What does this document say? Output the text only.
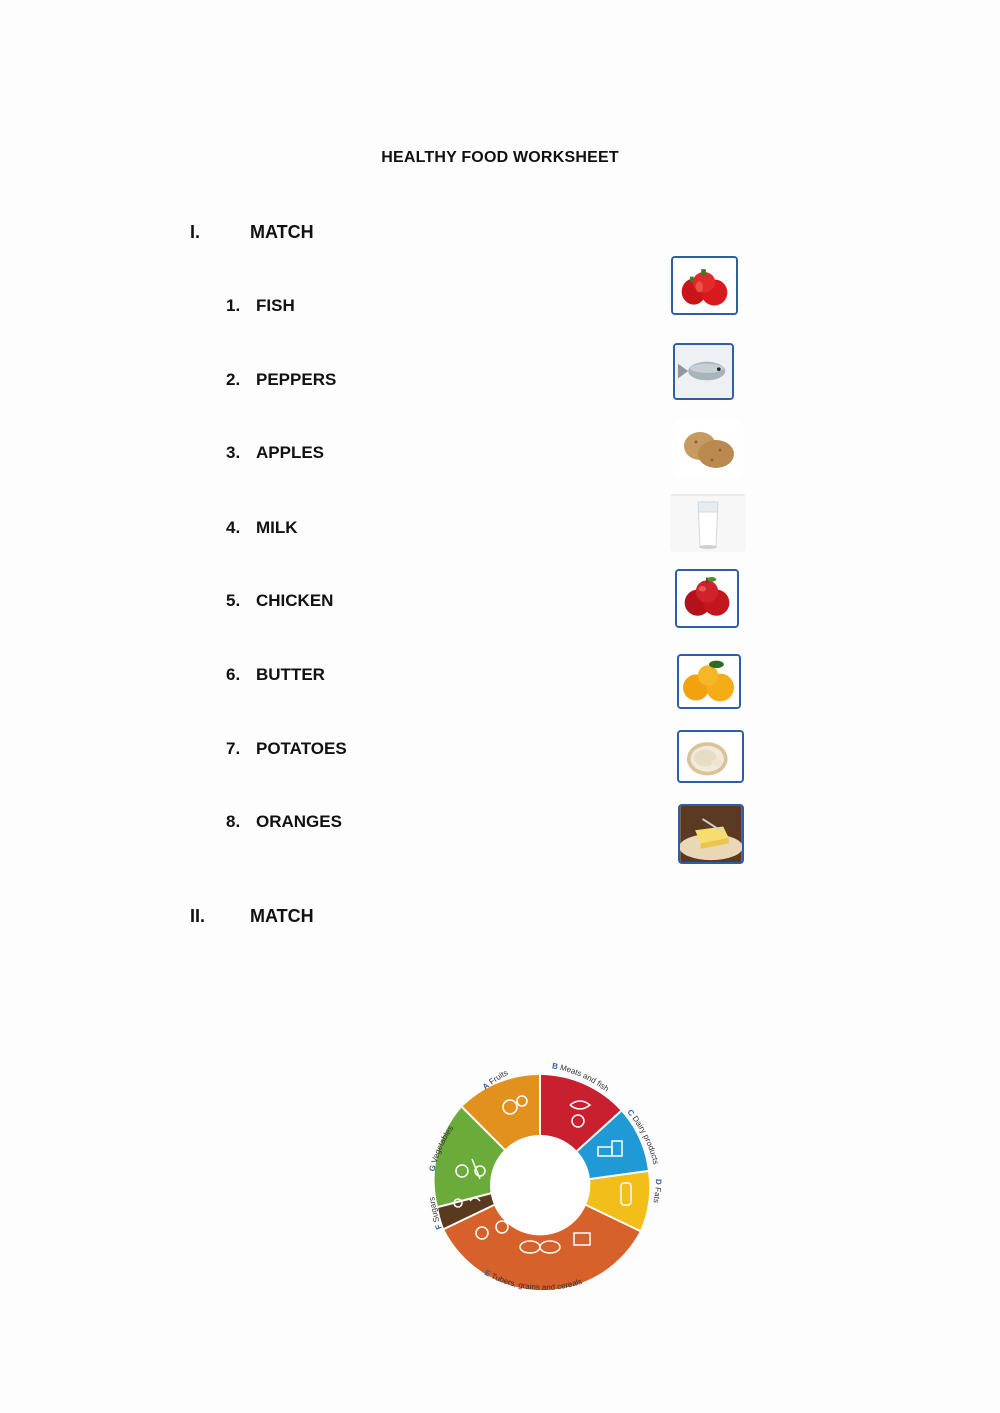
HEALTHY FOOD WORKSHEET
I.	MATCH
1. FISH
2. PEPPERS
3. APPLES
4. MILK
5. CHICKEN
6. BUTTER
7. POTATOES
8. ORANGES
II. MATCH
A Fruits
B Meats and fish
C Dairy products
D Fats
E Tubers, grains and cereals
F Sugars
G Vegetables
